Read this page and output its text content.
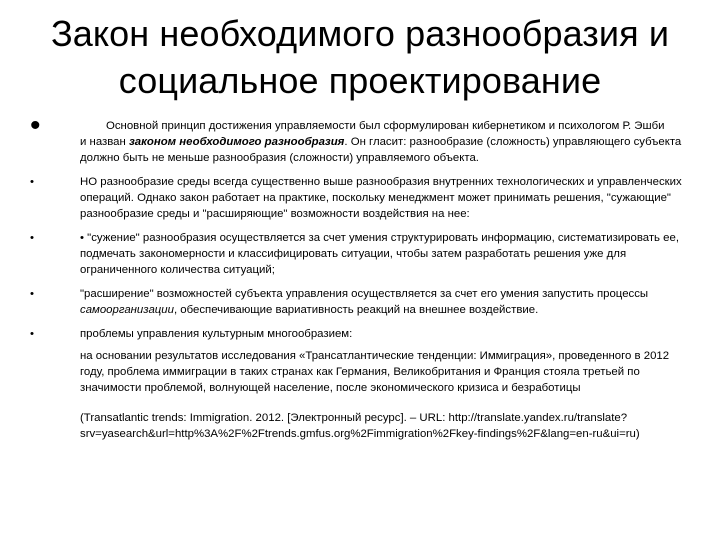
Закон необходимого разнообразия и
социальное проектирование
•	Основной принцип достижения управляемости был сформулирован кибернетиком и психологом Р. Эшби

и назван законом необходимого разнообразия. Он гласит: разнообразие (сложность) управляющего субъекта должно быть не меньше разнообразия (сложности) управляемого объекта.

•	НО разнообразие среды всегда существенно выше разнообразия внутренних технологических и управленческих операций. Однако закон работает на практике, поскольку менеджмент может принимать решения, "сужающие" разнообразие среды и "расширяющие" возможности воздействия на нее:

•	• "сужение" разнообразия осуществляется за счет умения структурировать информацию, систематизировать ее, подмечать закономерности и классифицировать ситуации, чтобы затем разработать решения уже для ограниченного количества ситуаций;

•	"расширение" возможностей субъекта управления осуществляется за счет его умения запустить процессы самоорганизации, обеспечивающие вариативность реакций на внешнее воздействие.

•	проблемы управления культурным многообразием:

на основании результатов исследования «Трансатлантические тенденции: Иммиграция», проведенного в 2012 году, проблема иммиграции в таких странах как Германия, Великобритания и Франция стояла третьей по значимости проблемой, волнующей население, после экономического кризиса и безработицы

(Transatlantic trends: Immigration. 2012. [Электронный ресурс]. – URL: http://translate.yandex.ru/translate?srv=yasearch&url=http%3A%2F%2Ftrends.gmfus.org%2Fimmigration%2Fkey-findings%2F&lang=en-ru&ui=ru)
